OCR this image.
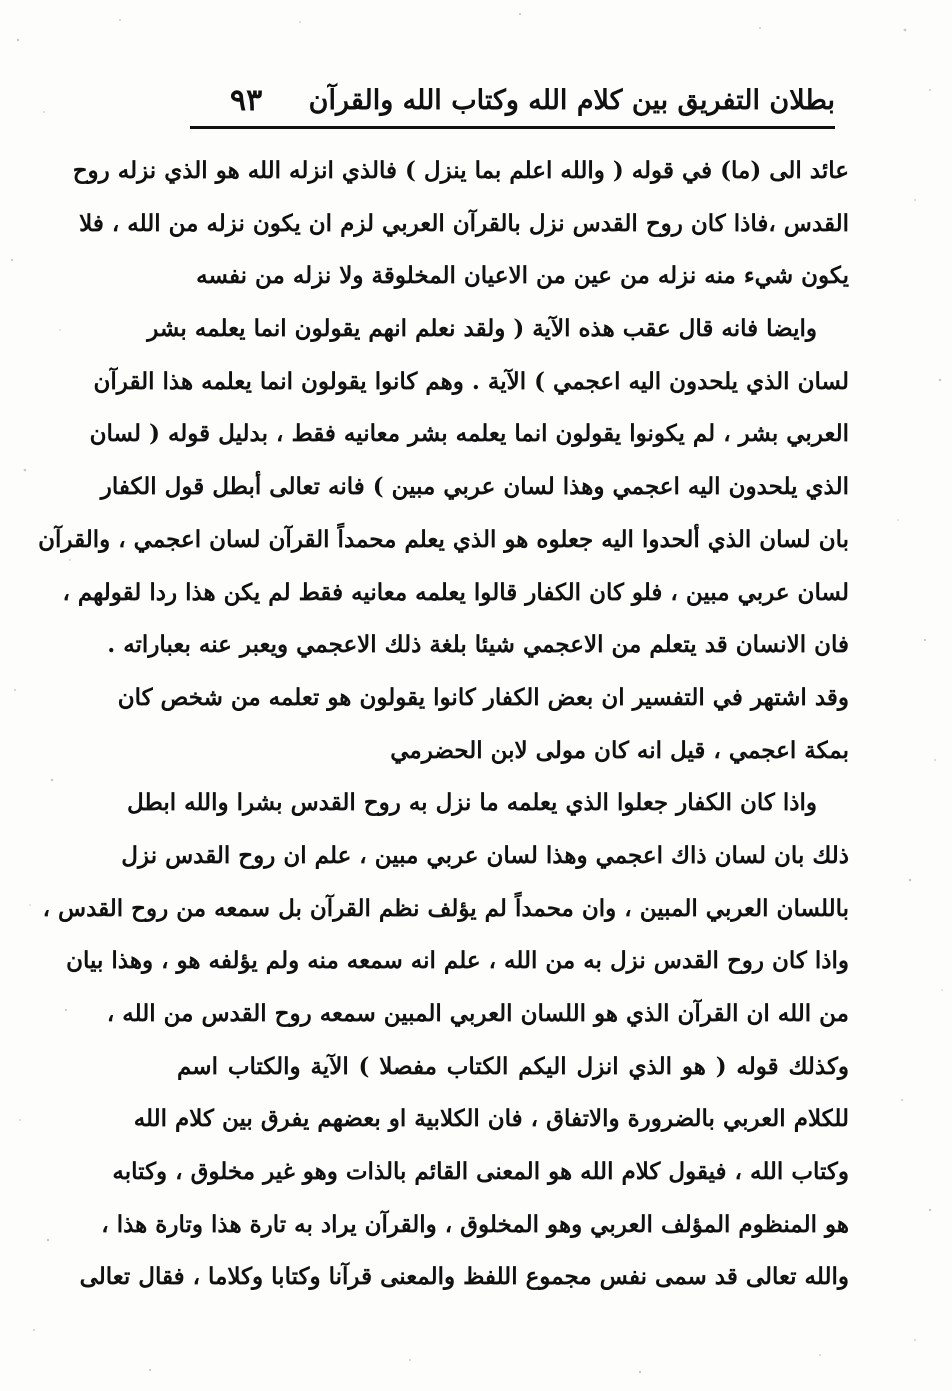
بطلان التفريق بين كلام الله وكتاب الله والقرآن
٩٣
عائد الى (ما) في قوله ( والله اعلم بما ينزل ) فالذي انزله الله هو الذي نزله روح
القدس ،فاذا كان روح القدس نزل بالقرآن العربي لزم ان يكون نزله من الله ، فلا
يكون شيء منه نزله من عين من الاعيان المخلوقة ولا نزله من نفسه
وايضا فانه قال عقب هذه الآية ( ولقد نعلم انهم يقولون انما يعلمه بشر
لسان الذي يلحدون اليه اعجمي ) الآية . وهم كانوا يقولون انما يعلمه هذا القرآن
العربي بشر ، لم يكونوا يقولون انما يعلمه بشر معانيه فقط ، بدليل قوله ( لسان
الذي يلحدون اليه اعجمي وهذا لسان عربي مبين ) فانه تعالى أبطل قول الكفار
بان لسان الذي ألحدوا اليه جعلوه هو الذي يعلم محمداً القرآن لسان اعجمي ، والقرآن
لسان عربي مبين ، فلو كان الكفار قالوا يعلمه معانيه فقط لم يكن هذا ردا لقولهم ،
فان الانسان قد يتعلم من الاعجمي شيئا بلغة ذلك الاعجمي ويعبر عنه بعباراته .
وقد اشتهر في التفسير ان بعض الكفار كانوا يقولون هو تعلمه من شخص كان
بمكة اعجمي ، قيل انه كان مولى لابن الحضرمي
واذا كان الكفار جعلوا الذي يعلمه ما نزل به روح القدس بشرا والله ابطل
ذلك بان لسان ذاك اعجمي وهذا لسان عربي مبين ، علم ان روح القدس نزل
باللسان العربي المبين ، وان محمداً لم يؤلف نظم القرآن بل سمعه من روح القدس ،
واذا كان روح القدس نزل به من الله ، علم انه سمعه منه ولم يؤلفه هو ، وهذا بيان
من الله ان القرآن الذي هو اللسان العربي المبين سمعه روح القدس من الله ،
وكذلك قوله ( هو الذي انزل اليكم الكتاب مفصلا ) الآية والكتاب اسم
للكلام العربي بالضرورة والاتفاق ، فان الكلابية او بعضهم يفرق بين كلام الله
وكتاب الله ، فيقول كلام الله هو المعنى القائم بالذات وهو غير مخلوق ، وكتابه
هو المنظوم المؤلف العربي وهو المخلوق ، والقرآن يراد به تارة هذا وتارة هذا ،
والله تعالى قد سمى نفس مجموع اللفظ والمعنى قرآنا وكتابا وكلاما ، فقال تعالى
